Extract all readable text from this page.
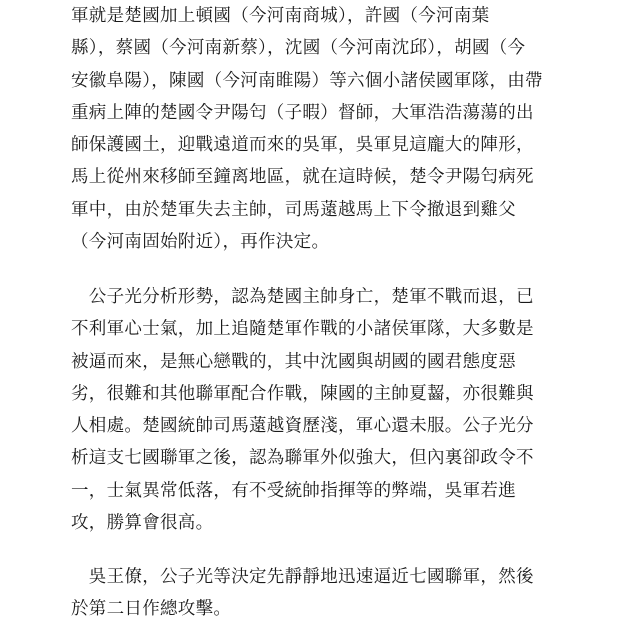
軍就是楚國加上頓國（今河南商城），許國（今河南葉
縣），蔡國（今河南新蔡），沈國（今河南沈邱），胡國（今
安徽阜陽），陳國（今河南睢陽）等六個小諸侯國軍隊，由帶
重病上陣的楚國令尹陽匄（子暇）督師，大軍浩浩蕩蕩的出
師保護國土，迎戰遠道而來的吳軍，吳軍見這龐大的陣形，
馬上從州來移師至鐘离地區，就在這時候，楚令尹陽匄病死
軍中，由於楚軍失去主帥，司馬薳越馬上下令撤退到雞父
（今河南固始附近），再作決定。
　公子光分析形勢，認為楚國主帥身亡，楚軍不戰而退，已
不利軍心士氣，加上追隨楚軍作戰的小諸侯軍隊，大多數是
被逼而來，是無心戀戰的，其中沈國與胡國的國君態度惡
劣，很難和其他聯軍配合作戰，陳國的主帥夏齧，亦很難與
人相處。楚國統帥司馬薳越資歷淺，軍心還未服。公子光分
析這支七國聯軍之後，認為聯軍外似強大，但內裏卻政令不
一，士氣異常低落，有不受統帥指揮等的弊端，吳軍若進
攻，勝算會很高。
　吳王僚，公子光等決定先靜靜地迅速逼近七國聯軍，然後
於第二日作總攻擊。
